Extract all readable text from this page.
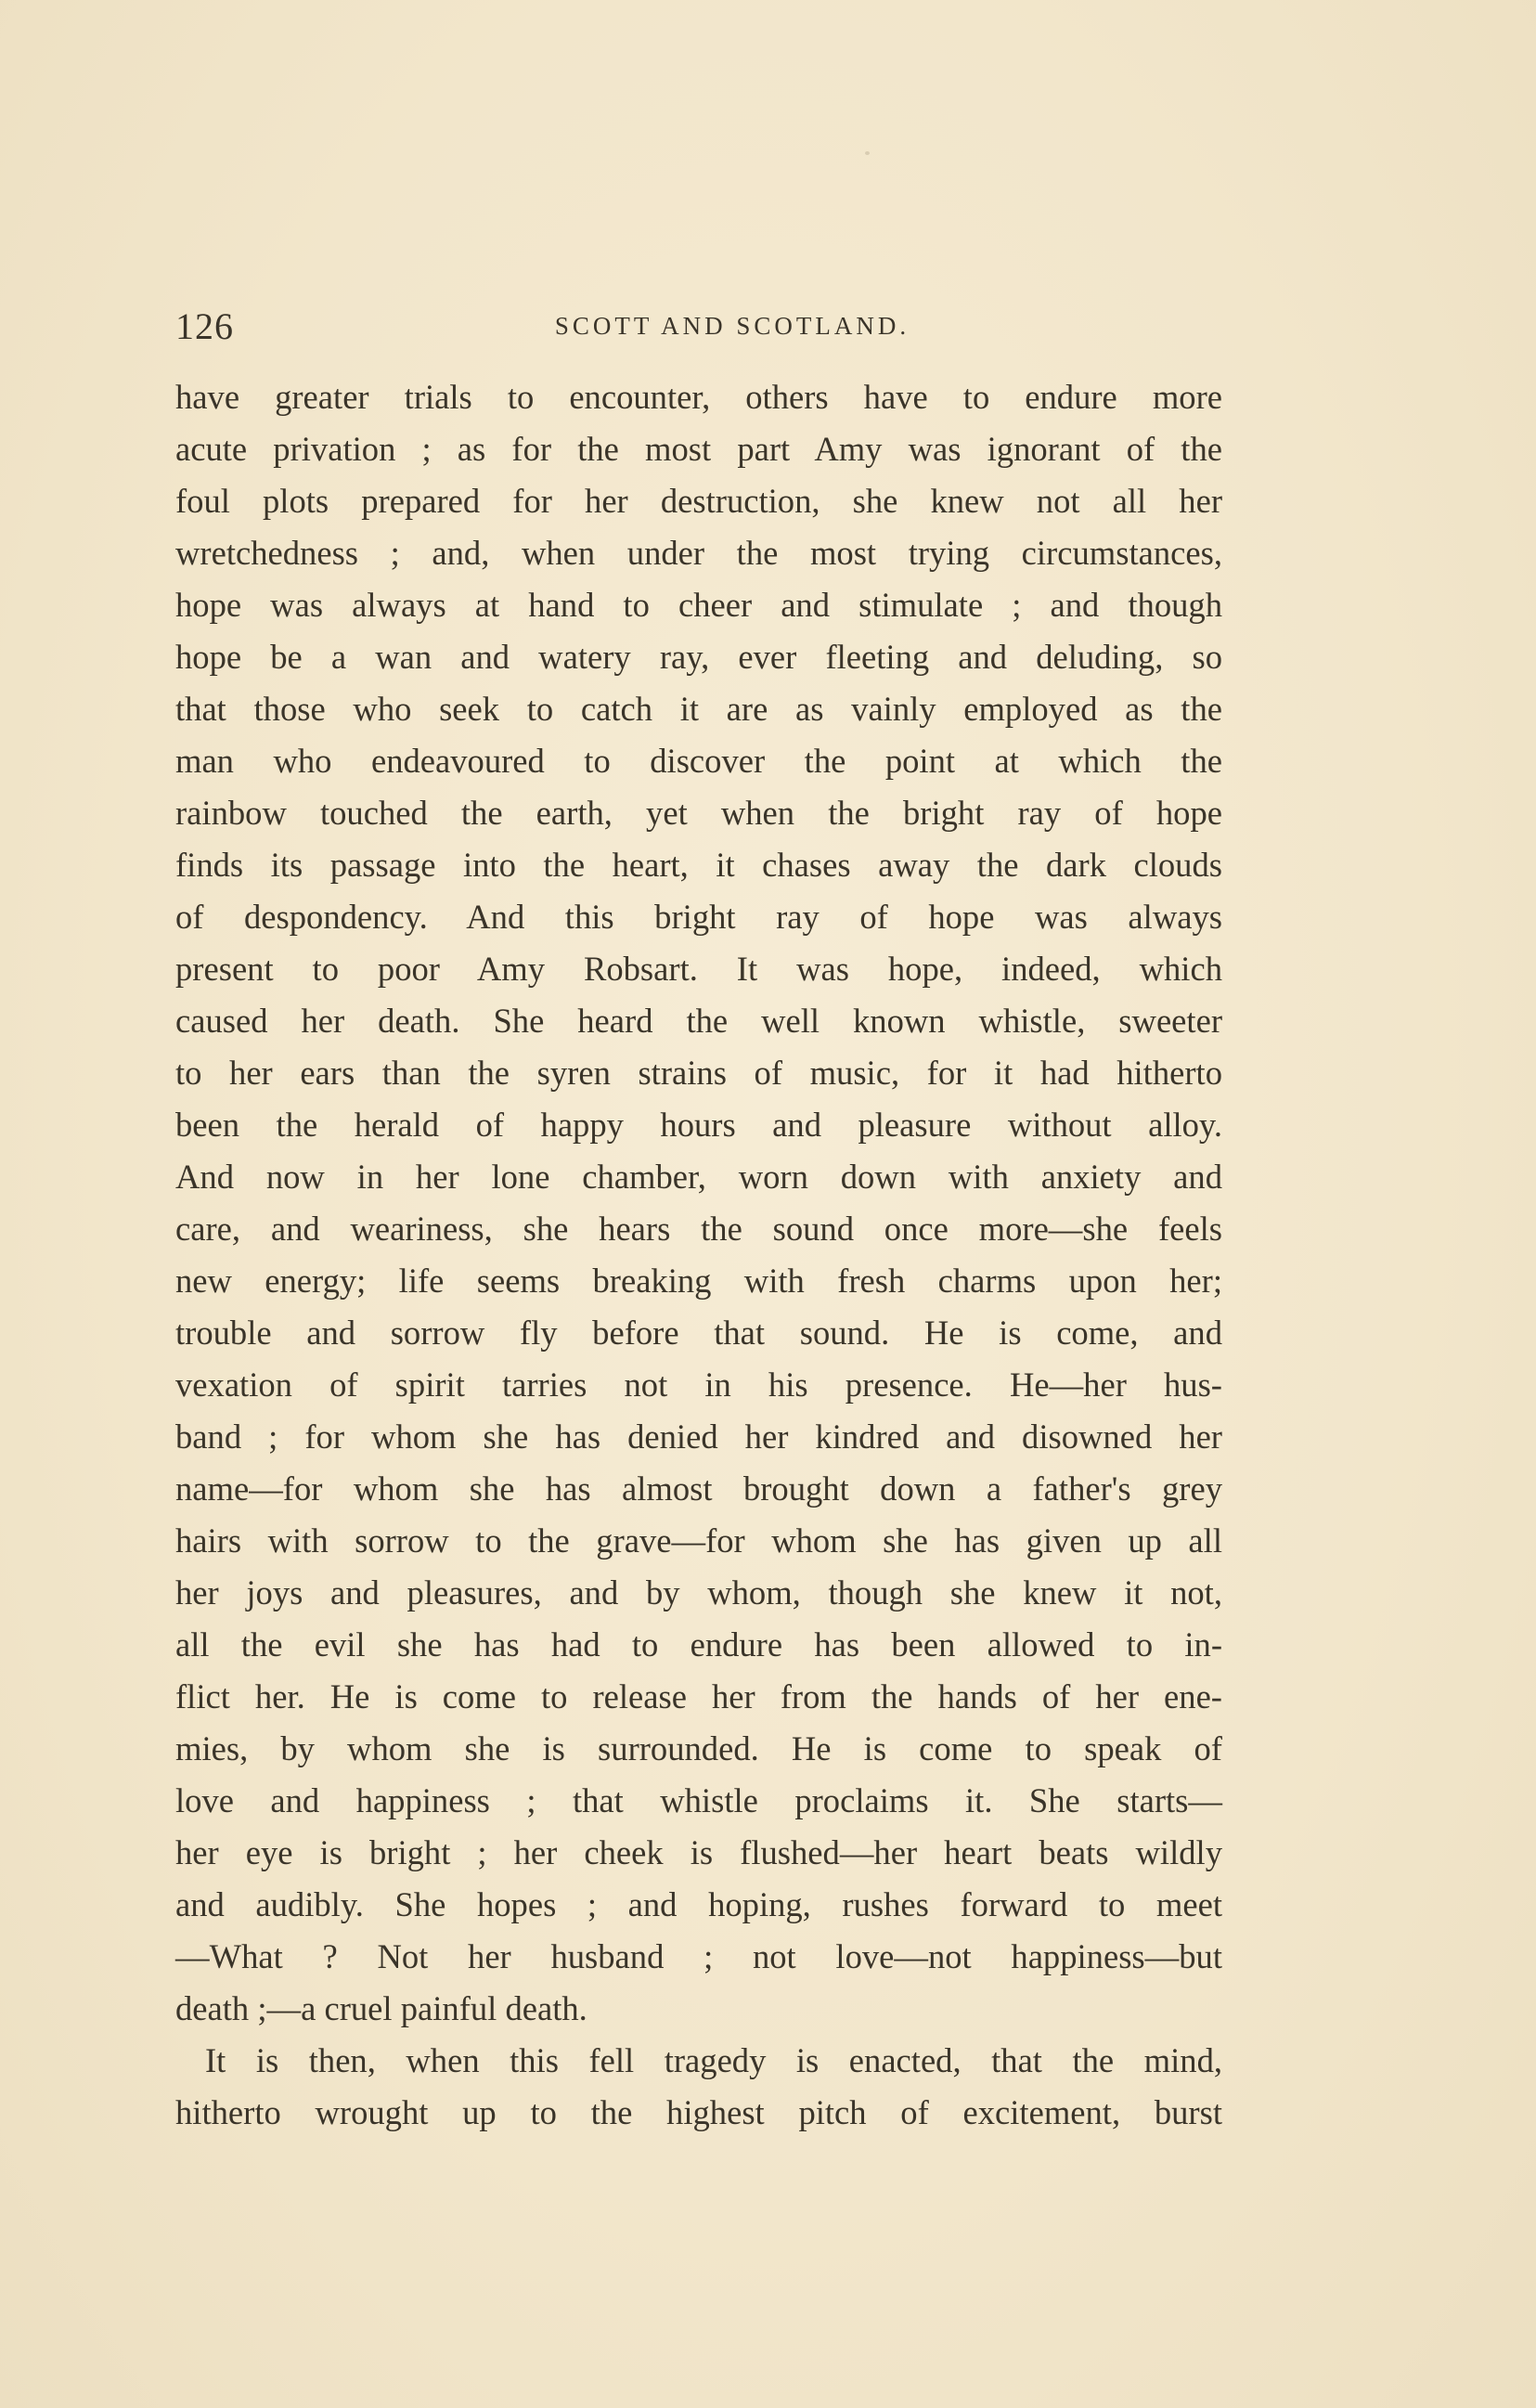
126	SCOTT AND SCOTLAND.
have greater trials to encounter, others have to endure more
acute privation ; as for the most part Amy was ignorant of the
foul plots prepared for her destruction, she knew not all her
wretchedness ; and, when under the most trying circumstances,
hope was always at hand to cheer and stimulate ; and though
hope be a wan and watery ray, ever fleeting and deluding, so
that those who seek to catch it are as vainly employed as the
man who endeavoured to discover the point at which the
rainbow touched the earth, yet when the bright ray of hope
finds its passage into the heart, it chases away the dark clouds
of despondency. And this bright ray of hope was always
present to poor Amy Robsart. It was hope, indeed, which
caused her death. She heard the well known whistle, sweeter
to her ears than the syren strains of music, for it had hitherto
been the herald of happy hours and pleasure without alloy.
And now in her lone chamber, worn down with anxiety and
care, and weariness, she hears the sound once more—she feels
new energy; life seems breaking with fresh charms upon her;
trouble and sorrow fly before that sound. He is come, and
vexation of spirit tarries not in his presence. He—her hus-
band ; for whom she has denied her kindred and disowned her
name—for whom she has almost brought down a father's grey
hairs with sorrow to the grave—for whom she has given up all
her joys and pleasures, and by whom, though she knew it not,
all the evil she has had to endure has been allowed to in-
flict her. He is come to release her from the hands of her ene-
mies, by whom she is surrounded. He is come to speak of
love and happiness ; that whistle proclaims it. She starts—
her eye is bright ; her cheek is flushed—her heart beats wildly
and audibly. She hopes ; and hoping, rushes forward to meet
—What ? Not her husband ; not love—not happiness—but
death ;—a cruel painful death.
It is then, when this fell tragedy is enacted, that the mind,
hitherto wrought up to the highest pitch of excitement, burst
